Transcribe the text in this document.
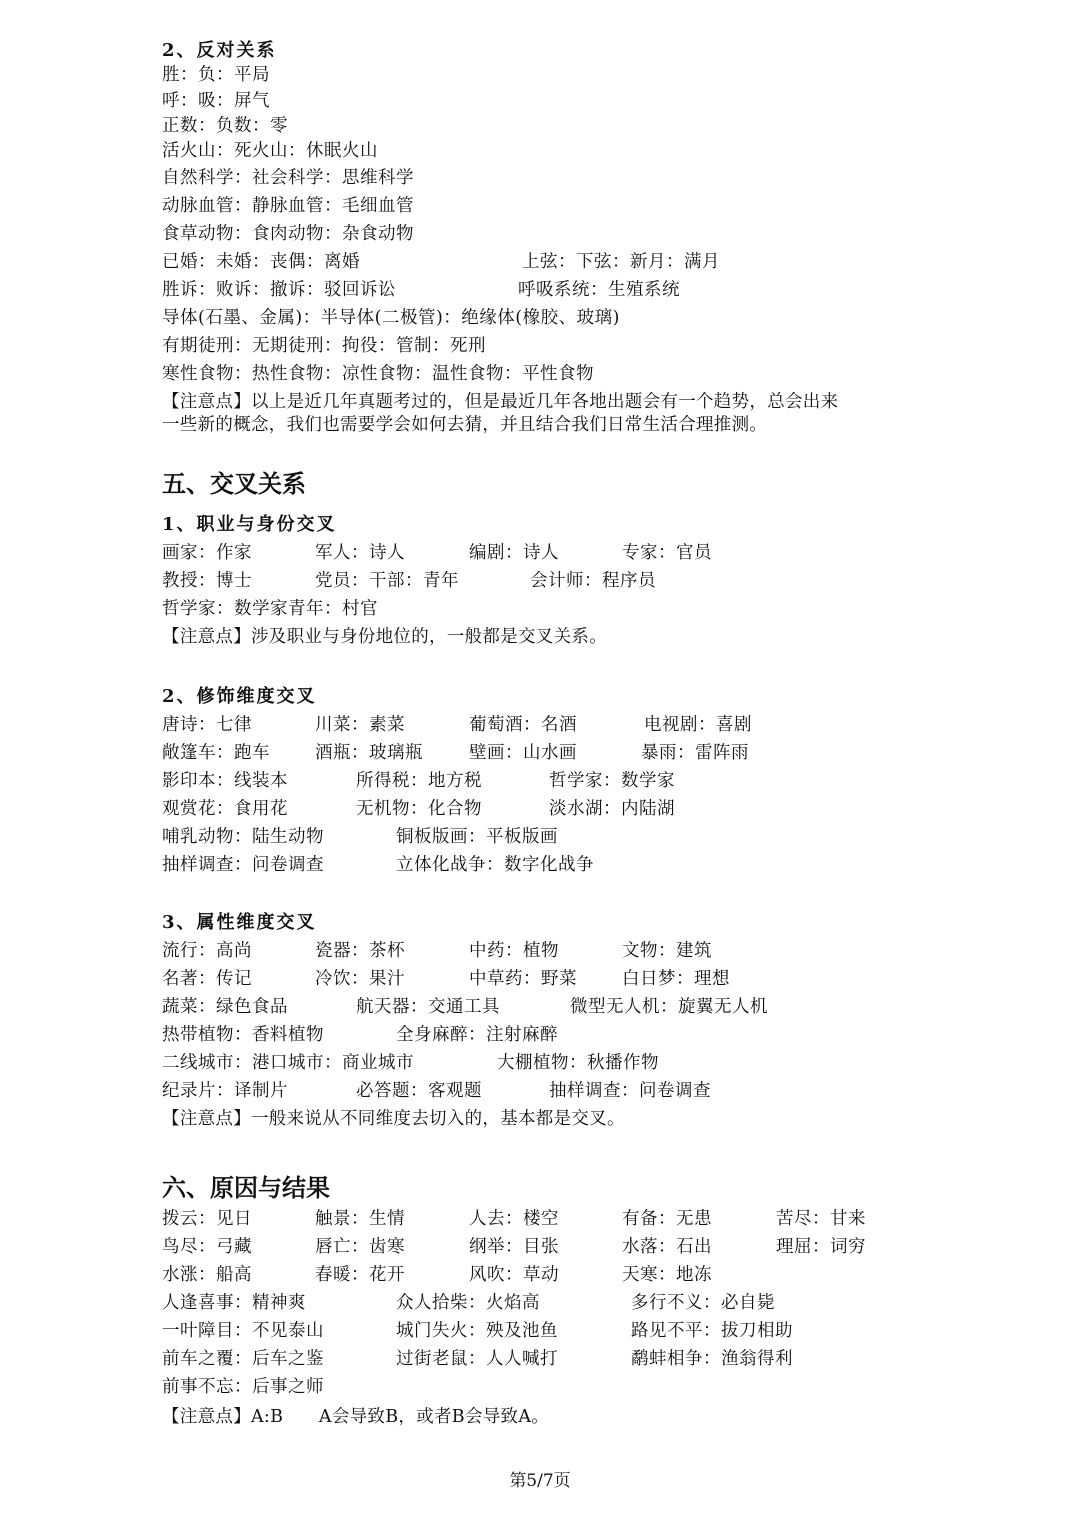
2、反对关系
胜：负：平局
呼：吸：屏气
正数：负数：零
活火山：死火山：休眠火山
自然科学：社会科学：思维科学
动脉血管：静脉血管：毛细血管
食草动物：食肉动物：杂食动物
已婚：未婚：丧偶：离婚	上弦：下弦：新月：满月
胜诉：败诉：撤诉：驳回诉讼	呼吸系统：生殖系统
导体(石墨、金属)：半导体(二极管)：绝缘体(橡胶、玻璃)
有期徒刑：无期徒刑：拘役：管制：死刑
寒性食物：热性食物：凉性食物：温性食物：平性食物
【注意点】以上是近几年真题考过的，但是最近几年各地出题会有一个趋势，总会出来
一些新的概念，我们也需要学会如何去猜，并且结合我们日常生活合理推测。
五、交叉关系
1、职业与身份交叉
画家：作家	军人：诗人	编剧：诗人	专家：官员
教授：博士	党员：干部：青年	会计师：程序员
哲学家：数学家青年：村官
【注意点】涉及职业与身份地位的，一般都是交叉关系。
2、修饰维度交叉
唐诗：七律	川菜：素菜	葡萄酒：名酒	电视剧：喜剧
敞篷车：跑车	酒瓶：玻璃瓶	壁画：山水画	暴雨：雷阵雨
影印本：线装本	所得税：地方税	哲学家：数学家
观赏花：食用花	无机物：化合物	淡水湖：内陆湖
哺乳动物：陆生动物	铜板版画：平板版画
抽样调查：问卷调查	立体化战争：数字化战争
3、属性维度交叉
流行：高尚	瓷器：茶杯	中药：植物	文物：建筑
名著：传记	冷饮：果汁	中草药：野菜	白日梦：理想
蔬菜：绿色食品	航天器：交通工具	微型无人机：旋翼无人机
热带植物：香料植物	全身麻醉：注射麻醉
二线城市：港口城市：商业城市	大棚植物：秋播作物
纪录片：译制片	必答题：客观题	抽样调查：问卷调查
【注意点】一般来说从不同维度去切入的，基本都是交叉。
六、原因与结果
拨云：见日	触景：生情	人去：楼空	有备：无患	苦尽：甘来
鸟尽：弓藏	唇亡：齿寒	纲举：目张	水落：石出	理屈：词穷
水涨：船高	春暖：花开	风吹：草动	天寒：地冻
人逢喜事：精神爽	众人拾柴：火焰高	多行不义：必自毙
一叶障目：不见泰山	城门失火：殃及池鱼	路见不平：拔刀相助
前车之覆：后车之鉴	过街老鼠：人人喊打	鹬蚌相争：渔翁得利
前事不忘：后事之师
【注意点】A:B　　A会导致B，或者B会导致A。
第5/7页
